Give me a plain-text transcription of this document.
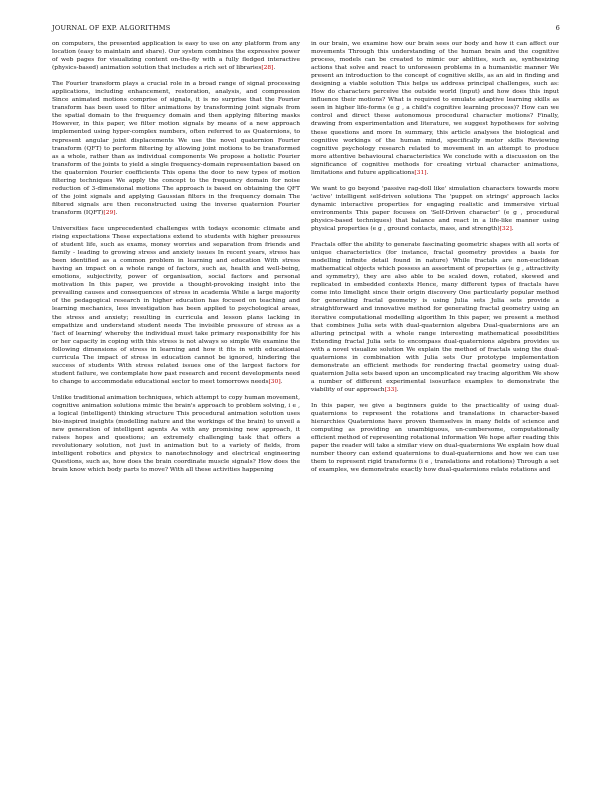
JOURNAL OF EXP. ALGORITHMS	6

on computers, the presented application is easy to use on any platform from any location (easy to maintain and share). Our system combines the expressive power of web pages for visualizing content on-the-fly with a fully fledged interactive (physics-based) animation solution that includes a rich set of libraries[28].

The Fourier transform plays a crucial role in a broad range of signal processing applications, including enhancement, restoration, analysis, and compression Since animated motions comprise of signals, it is no surprise that the Fourier transform has been used to filter animations by transforming joint signals from the spatial domain to the frequency domain and then applying filtering masks However, in this paper, we filter motion signals by means of a new approach implemented using hyper-complex numbers, often referred to as Quaternions, to represent angular joint displacements We use the novel quaternion Fourier transform (QFT) to perform filtering by allowing joint motions to be transformed as a whole, rather than as individual components We propose a holistic Fourier transform of the joints to yield a single frequency-domain representation based on the quaternion Fourier coefficients This opens the door to new types of motion filtering techniques We apply the concept to the frequency domain for noise reduction of 3-dimensional motions The approach is based on obtaining the QFT of the joint signals and applying Gaussian filters in the frequency domain The filtered signals are then reconstructed using the inverse quaternion Fourier transform (IQFT)[29].

Universities face unprecedented challenges with todays economic climate and rising expectations These expectations extend to students with higher pressures of student life, such as exams, money worries and separation from friends and family - leading to growing stress and anxiety issues In recent years, stress has been identified as a common problem in learning and education With stress having an impact on a whole range of factors, such as, health and well-being, emotions, subjectivity, power of organisation, social factors and personal motivation In this paper, we provide a thought-provoking insight into the prevailing causes and consequences of stress in academia While a large majority of the pedagogical research in higher education has focused on teaching and learning mechanics, less investigation has been applied to psychological areas, the stress and anxiety; resulting in curricula and lesson plans lacking in empathize and understand student needs The invisible pressure of stress as a 'fact of learning' whereby the individual must take primary responsibility for his or her capacity in coping with this stress is not always so simple We examine the following dimensions of stress in learning and how it fits in with educational curricula The impact of stress in education cannot be ignored, hindering the success of students With stress related issues one of the largest factors for student failure, we contemplate how past research and recent developments need to change to accommodate educational sector to meet tomorrows needs[30].

Unlike traditional animation techniques, which attempt to copy human movement, cognitive animation solutions mimic the brain's approach to problem solving, i e , a logical (intelligent) thinking structure This procedural animation solution uses bio-inspired insights (modelling nature and the workings of the brain) to unveil a new generation of intelligent agents As with any promising new approach, it raises hopes and questions; an extremely challenging task that offers a revolutionary solution, not just in animation but to a variety of fields, from intelligent robotics and physics to nanotechnology and electrical engineering Questions, such as, how does the brain coordinate muscle signals? How does the brain know which body parts to move? With all these activities happening

in our brain, we examine how our brain sees our body and how it can affect our movements Through this understanding of the human brain and the cognitive process, models can be created to mimic our abilities, such as, synthesizing actions that solve and react to unforeseen problems in a humanistic manner We present an introduction to the concept of cognitive skills, as an aid in finding and designing a viable solution This helps us address principal challenges, such as: How do characters perceive the outside world (input) and how does this input influence their motions? What is required to emulate adaptive learning skills as seen in higher life-forms (e g , a child's cognitive learning process)? How can we control and direct these autonomous procedural character motions? Finally, drawing from experimentation and literature, we suggest hypotheses for solving these questions and more In summary, this article analyses the biological and cognitive workings of the human mind, specifically motor skills Reviewing cognitive psychology research related to movement in an attempt to produce more attentive behavioural characteristics We conclude with a discussion on the significance of cognitive methods for creating virtual character animations, limitations and future applications[31].

We want to go beyond 'passive rag-doll like' simulation characters towards more 'active' intelligent self-driven solutions The 'puppet on strings' approach lacks dynamic interactive properties for engaging realistic and immersive virtual environments This paper focuses on 'Self-Driven character' (e g , procedural physics-based techniques) that balance and react in a life-like manner using physical properties (e g , ground contacts, mass, and strength)[32].

Fractals offer the ability to generate fascinating geometric shapes with all sorts of unique characteristics (for instance, fractal geometry provides a basis for modelling infinite detail found in nature) While fractals are non-euclidean mathematical objects which possess an assortment of properties (e g , attractivity and symmetry), they are also able to be scaled down, rotated, skewed and replicated in embedded contexts Hence, many different types of fractals have come into limelight since their origin discovery One particularly popular method for generating fractal geometry is using Julia sets Julia sets provide a straightforward and innovative method for generating fractal geometry using an iterative computational modelling algorithm In this paper, we present a method that combines Julia sets with dual-quaternion algebra Dual-quaternions are an alluring principal with a whole range interesting mathematical possibilities Extending fractal Julia sets to encompass dual-quaternions algebra provides us with a novel visualize solution We explain the method of fractals using the dual-quaternions in combination with Julia sets Our prototype implementation demonstrate an efficient methods for rendering fractal geometry using dual-quaternion Julia sets based upon an uncomplicated ray tracing algorithm We show a number of different experimental isosurface examples to demonstrate the viability of our approach[33].

In this paper, we give a beginners guide to the practicality of using dual-quaternions to represent the rotations and translations in character-based hierarchies Quaternions have proven themselves in many fields of science and computing as providing an unambiguous, un-cumbersome, computationally efficient method of representing rotational information We hope after reading this paper the reader will take a similar view on dual-quaternions We explain how dual number theory can extend quaternions to dual-quaternions and how we can use them to represent rigid transforms (i e , translations and rotations) Through a set of examples, we demonstrate exactly how dual-quaternions relate rotations and
